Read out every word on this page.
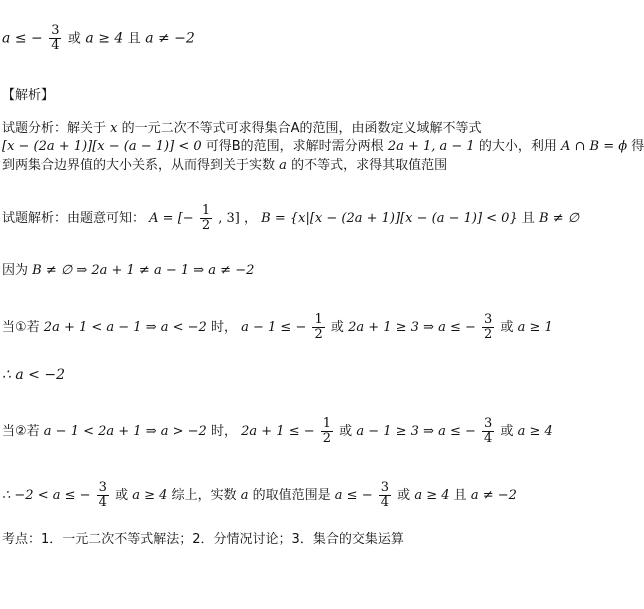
a ≤ − $\frac{3}{4}$ 或 a ≥ 4 且 a ≠ −2
【解析】
试题分析：解关于 x 的一元二次不等式可求得集合A的范围，由函数定义域解不等式
[x − (2a + 1)][x − (a − 1)] < 0 可得B的范围，求解时需分两根 2a + 1, a − 1 的大小，利用 A ∩ B = ϕ 得
到两集合边界值的大小关系，从而得到关于实数 a 的不等式，求得其取值范围
试题解析：由题意可知： A = [− $\frac{1}{2}$ , 3] ， B = {x|[x − (2a + 1)][x − (a − 1)] < 0} 且 B ≠ ∅
因为 B ≠ ∅ ⇒ 2a + 1 ≠ a − 1 ⇒ a ≠ −2
当①若 2a + 1 < a − 1 ⇒ a < −2 时， a − 1 ≤ − $\frac{1}{2}$ 或 2a + 1 ≥ 3 ⇒ a ≤ − $\frac{3}{2}$ 或 a ≥ 1
∴ a < −2
当②若 a − 1 < 2a + 1 ⇒ a > −2 时， 2a + 1 ≤ − $\frac{1}{2}$ 或 a − 1 ≥ 3 ⇒ a ≤ − $\frac{3}{4}$ 或 a ≥ 4
∴ −2 < a ≤ − $\frac{3}{4}$ 或 a ≥ 4 综上，实数 a 的取值范围是 a ≤ − $\frac{3}{4}$ 或 a ≥ 4 且 a ≠ −2
考点：1．一元二次不等式解法；2．分情况讨论；3．集合的交集运算
